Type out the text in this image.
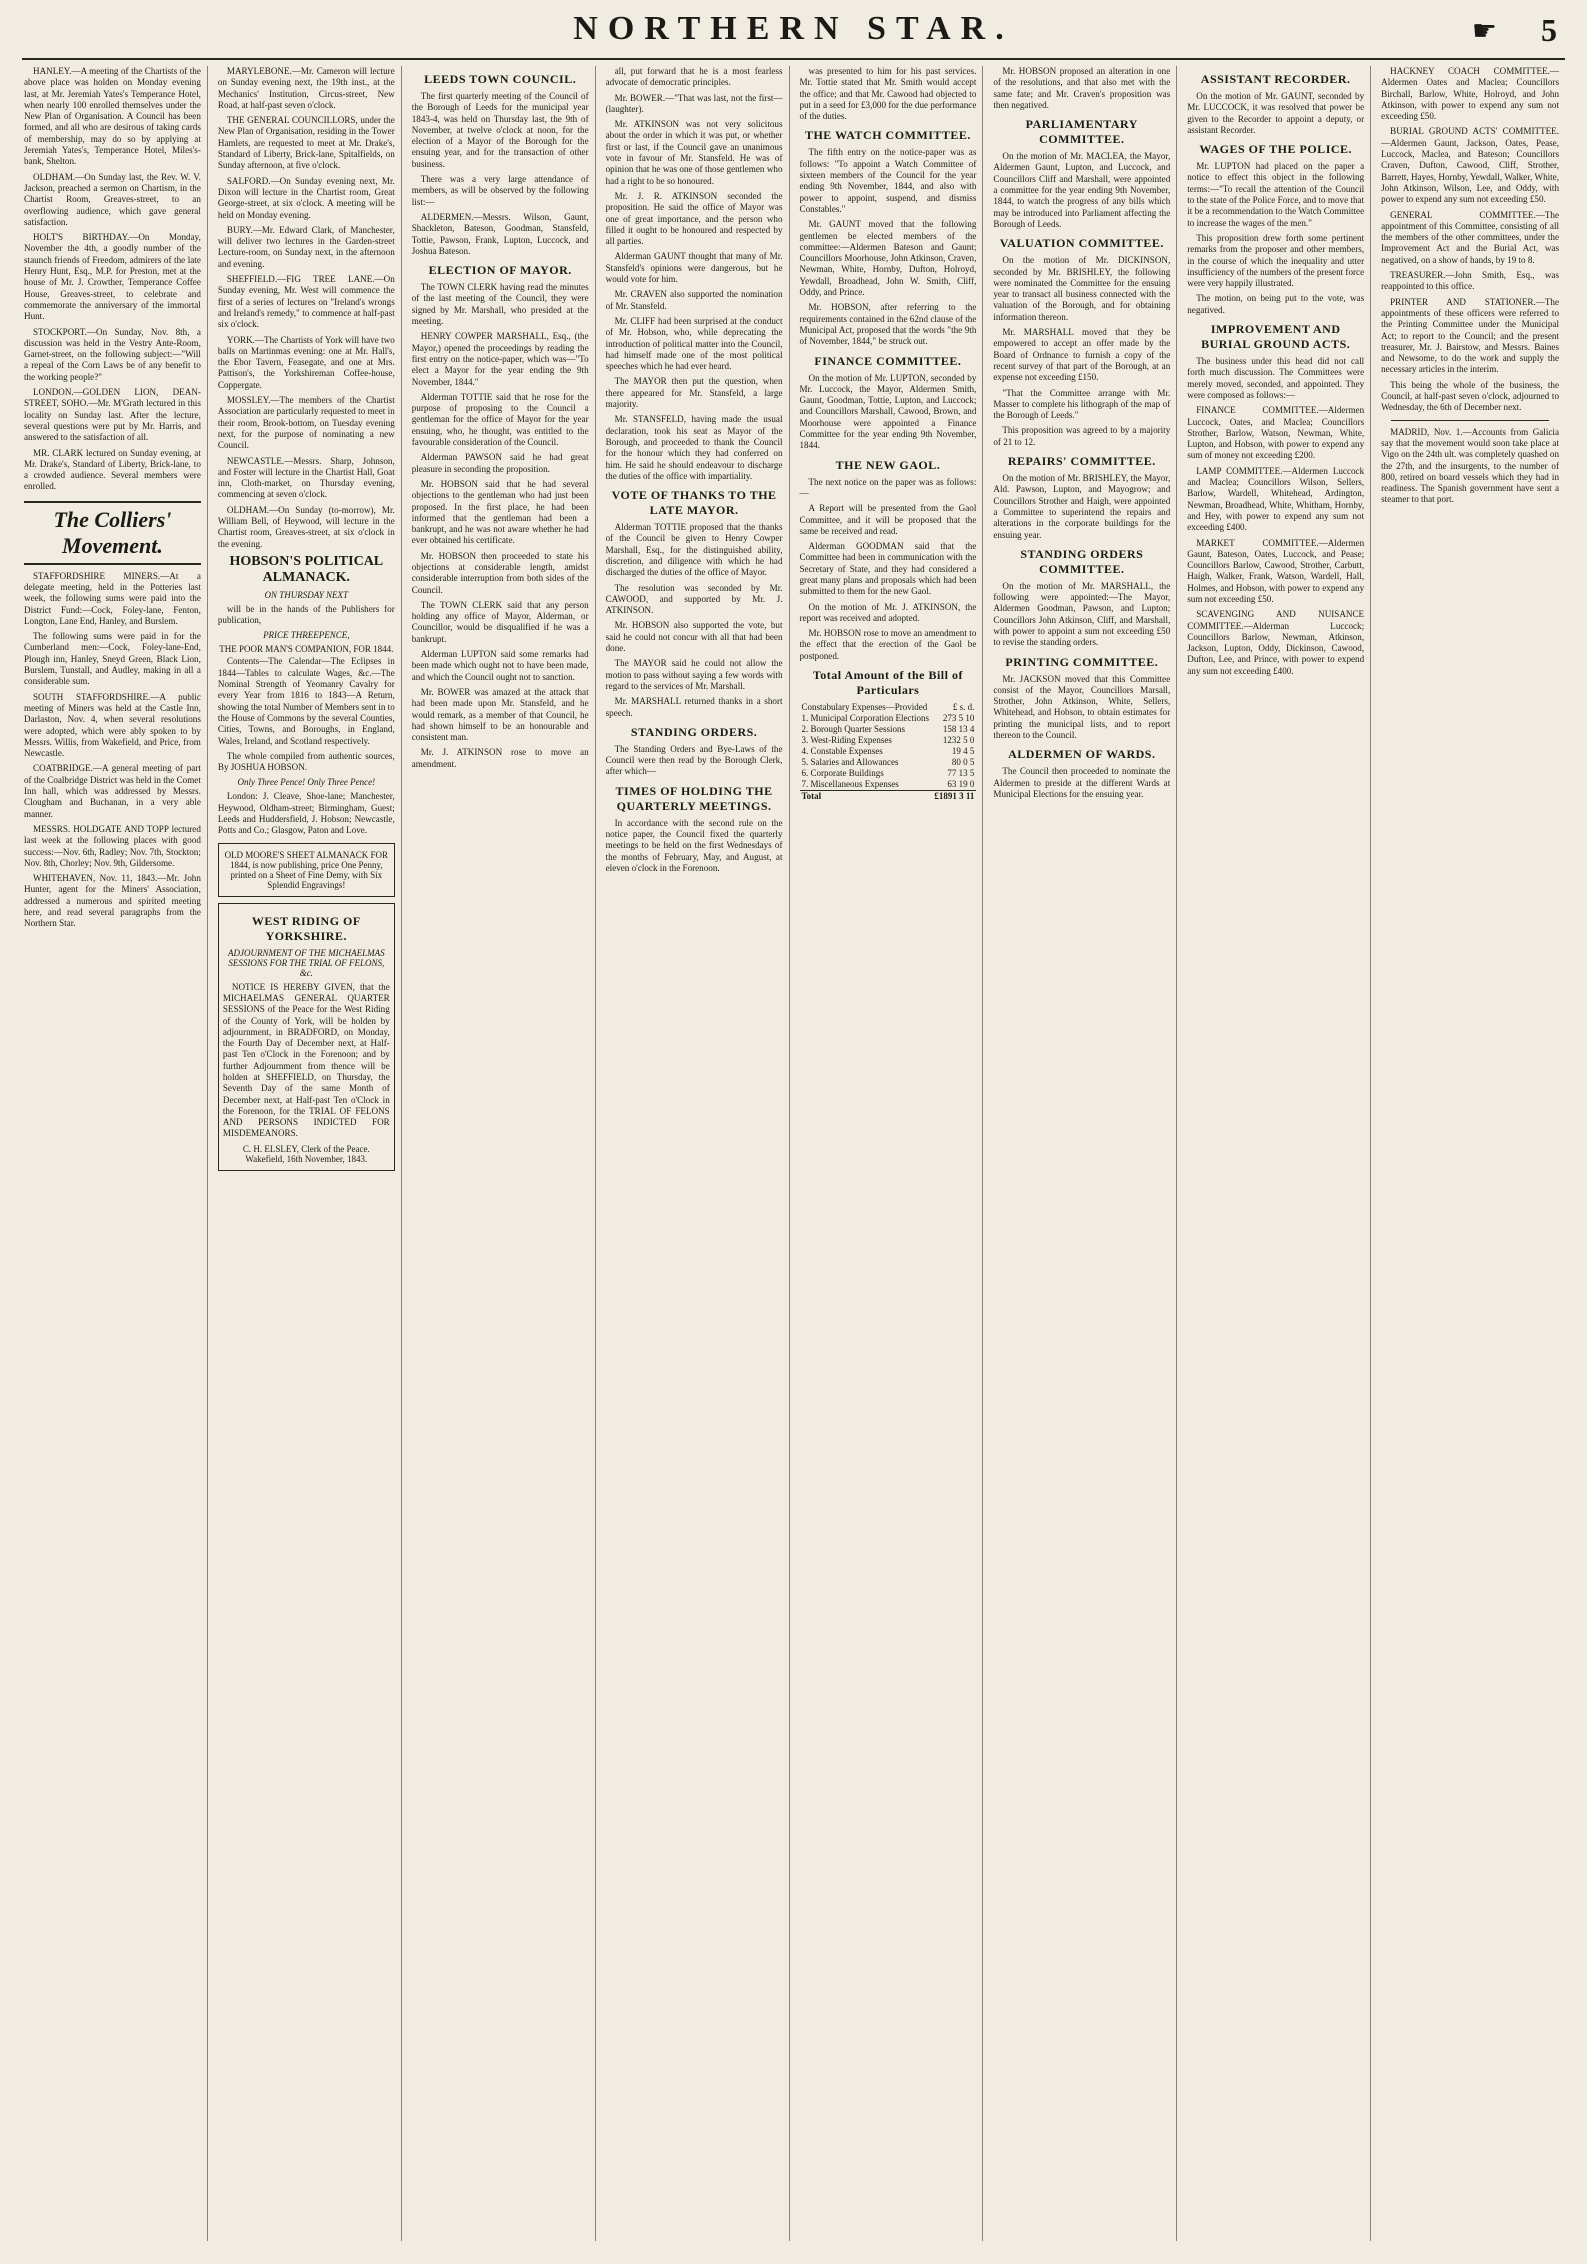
NORTHERN STAR.	☛ 5

HANLEY.—A meeting of the Chartists of the above place was holden on Monday evening last, at Mr. Jeremiah Yates's Temperance Hotel, when nearly 100 enrolled themselves under the New Plan of Organisation. A Council has been formed, and all who are desirous of taking cards of membership, may do so by applying at Jeremiah Yates's, Temperance Hotel, Miles's-bank, Shelton.

OLDHAM.—On Sunday last, the Rev. W. V. Jackson, preached a sermon on Chartism, in the Chartist Room, Greaves-street, to an overflowing audience, which gave general satisfaction.

HOLT'S BIRTHDAY.—On Monday, November the 4th, a goodly number of the staunch friends of Freedom, admirers of the late Henry Hunt, Esq., M.P. for Preston, met at the house of Mr. J. Crowther, Temperance Coffee House, Greaves-street, to celebrate and commemorate the anniversary of the immortal Hunt.

STOCKPORT.—On Sunday, Nov. 8th, a discussion was held in the Vestry Ante-Room, Garnet-street, on the following subject:—"Will a repeal of the Corn Laws be of any benefit to the working people?"

LONDON.—GOLDEN LION, DEAN-STREET, SOHO.—Mr. M'Grath lectured in this locality on Sunday last. After the lecture, several questions were put by Mr. Harris, and answered to the satisfaction of all.

MR. CLARK lectured on Sunday evening, at Mr. Drake's, Standard of Liberty, Brick-lane, to a crowded audience. Several members were enrolled.

The Colliers' Movement.

STAFFORDSHIRE MINERS.—At a delegate meeting, held in the Potteries last week, the following sums were paid into the District Fund:—Cock, Foley-lane, Fenton, Longton, Lane End, Hanley, and Burslem.

The following sums were paid in for the Cumberland men:—Cock, Foley-lane-End, Plough inn, Hanley, Sneyd Green, Black Lion, Burslem, Tunstall, and Audley, making in all a considerable sum.

SOUTH STAFFORDSHIRE.—A public meeting of Miners was held at the Castle Inn, Darlaston, Nov. 4, when several resolutions were adopted, which were ably spoken to by Messrs. Willis, from Wakefield, and Price, from Newcastle.

COATBRIDGE.—A general meeting of part of the Coalbridge District was held in the Comet Inn hall, which was addressed by Messrs. Clougham and Buchanan, in a very able manner.

MESSRS. HOLDGATE AND TOPP lectured last week at the following places with good success:—Nov. 6th, Radley; Nov. 7th, Stockton; Nov. 8th, Chorley; Nov. 9th, Gildersome.

WHITEHAVEN, Nov. 11, 1843.—Mr. John Hunter, agent for the Miners' Association, addressed a numerous and spirited meeting here, and read several paragraphs from the Northern Star.

MARYLEBONE.—Mr. Cameron will lecture on Sunday evening next, the 19th inst., at the Mechanics' Institution, Circus-street, New Road, at half-past seven o'clock.

THE GENERAL COUNCILLORS, under the New Plan of Organisation, residing in the Tower Hamlets, are requested to meet at Mr. Drake's, Standard of Liberty, Brick-lane, Spitalfields, on Sunday afternoon, at five o'clock.

SALFORD.—On Sunday evening next, Mr. Dixon will lecture in the Chartist room, Great George-street, at six o'clock. A meeting will be held on Monday evening.

BURY.—Mr. Edward Clark, of Manchester, will deliver two lectures in the Garden-street Lecture-room, on Sunday next, in the afternoon and evening.

SHEFFIELD.—FIG TREE LANE.—On Sunday evening, Mr. West will commence the first of a series of lectures on "Ireland's wrongs and Ireland's remedy," to commence at half-past six o'clock.

YORK.—The Chartists of York will have two balls on Martinmas evening: one at Mr. Hall's, the Ebor Tavern, Feasegate, and one at Mrs. Pattison's, the Yorkshireman Coffee-house, Coppergate.

MOSSLEY.—The members of the Chartist Association are particularly requested to meet in their room, Brook-bottom, on Tuesday evening next, for the purpose of nominating a new Council.

NEWCASTLE.—Messrs. Sharp, Johnson, and Foster will lecture in the Chartist Hall, Goat inn, Cloth-market, on Thursday evening, commencing at seven o'clock.

OLDHAM.—On Sunday (to-morrow), Mr. William Bell, of Heywood, will lecture in the Chartist room, Greaves-street, at six o'clock in the evening.

HOBSON'S POLITICAL ALMANACK.
ON THURSDAY NEXT

will be in the hands of the Publishers for publication,

PRICE THREEPENCE,
THE POOR MAN'S COMPANION, FOR 1844.

Contents—The Calendar—The Eclipses in 1844—Tables to calculate Wages, &c.—The Nominal Strength of Yeomanry Cavalry for every Year from 1816 to 1843—A Return, showing the total Number of Members sent in to the House of Commons by the several Counties, Cities, Towns, and Boroughs, in England, Wales, Ireland, and Scotland respectively.

The whole compiled from authentic sources, By JOSHUA HOBSON.

Only Three Pence! Only Three Pence!

London: J. Cleave, Shoe-lane; Manchester, Heywood, Oldham-street; Birmingham, Guest; Leeds and Huddersfield, J. Hobson; Newcastle, Potts and Co.; Glasgow, Paton and Love.

OLD MOORE'S SHEET ALMANACK FOR 1844, is now publishing, price One Penny, printed on a Sheet of Fine Demy, with Six Splendid Engravings!
WEST RIDING OF YORKSHIRE.
ADJOURNMENT OF THE MICHAELMAS SESSIONS FOR THE TRIAL OF FELONS, &c.

NOTICE IS HEREBY GIVEN, that the MICHAELMAS GENERAL QUARTER SESSIONS of the Peace for the West Riding of the County of York, will be holden by adjournment, in BRADFORD, on Monday, the Fourth Day of December next, at Half-past Ten o'Clock in the Forenoon; and by further Adjournment from thence will be holden at SHEFFIELD, on Thursday, the Seventh Day of the same Month of December next, at Half-past Ten o'Clock in the Forenoon, for the TRIAL OF FELONS AND PERSONS INDICTED FOR MISDEMEANORS.

C. H. ELSLEY, Clerk of the Peace. Wakefield, 16th November, 1843.
LEEDS TOWN COUNCIL.

The first quarterly meeting of the Council of the Borough of Leeds for the municipal year 1843-4, was held on Thursday last, the 9th of November, at twelve o'clock at noon, for the election of a Mayor of the Borough for the ensuing year, and for the transaction of other business.

There was a very large attendance of members, as will be observed by the following list:—

ALDERMEN.—Messrs. Wilson, Gaunt, Shackleton, Bateson, Goodman, Stansfeld, Tottie, Pawson, Frank, Lupton, Luccock, and Joshua Bateson.

ELECTION OF MAYOR.

The TOWN CLERK having read the minutes of the last meeting of the Council, they were signed by Mr. Marshall, who presided at the meeting.

HENRY COWPER MARSHALL, Esq., (the Mayor,) opened the proceedings by reading the first entry on the notice-paper, which was—"To elect a Mayor for the year ending the 9th November, 1844."

Alderman TOTTIE said that he rose for the purpose of proposing to the Council a gentleman for the office of Mayor for the year ensuing, who, he thought, was entitled to the favourable consideration of the Council.

Alderman PAWSON said he had great pleasure in seconding the proposition.

Mr. HOBSON said that he had several objections to the gentleman who had just been proposed. In the first place, he had been informed that the gentleman had been a bankrupt, and he was not aware whether he had ever obtained his certificate.

Mr. HOBSON then proceeded to state his objections at considerable length, amidst considerable interruption from both sides of the Council.

The TOWN CLERK said that any person holding any office of Mayor, Alderman, or Councillor, would be disqualified if he was a bankrupt.

Alderman LUPTON said some remarks had been made which ought not to have been made, and which the Council ought not to sanction.

Mr. BOWER was amazed at the attack that had been made upon Mr. Stansfeld, and he would remark, as a member of that Council, he had shown himself to be an honourable and consistent man.

Mr. J. ATKINSON rose to move an amendment.

all, put forward that he is a most fearless advocate of democratic principles.

Mr. BOWER.—"That was last, not the first—(laughter).

Mr. ATKINSON was not very solicitous about the order in which it was put, or whether first or last, if the Council gave an unanimous vote in favour of Mr. Stansfeld. He was of opinion that he was one of those gentlemen who had a right to be so honoured.

Mr. J. R. ATKINSON seconded the proposition. He said the office of Mayor was one of great importance, and the person who filled it ought to be honoured and respected by all parties.

Alderman GAUNT thought that many of Mr. Stansfeld's opinions were dangerous, but he would vote for him.

Mr. CRAVEN also supported the nomination of Mr. Stansfeld.

Mr. CLIFF had been surprised at the conduct of Mr. Hobson, who, while deprecating the introduction of political matter into the Council, had himself made one of the most political speeches which he had ever heard.

The MAYOR then put the question, when there appeared for Mr. Stansfeld, a large majority.

Mr. STANSFELD, having made the usual declaration, took his seat as Mayor of the Borough, and proceeded to thank the Council for the honour which they had conferred on him. He said he should endeavour to discharge the duties of the office with impartiality.

VOTE OF THANKS TO THE LATE MAYOR.

Alderman TOTTIE proposed that the thanks of the Council be given to Henry Cowper Marshall, Esq., for the distinguished ability, discretion, and diligence with which he had discharged the duties of the office of Mayor.

The resolution was seconded by Mr. CAWOOD, and supported by Mr. J. ATKINSON.

Mr. HOBSON also supported the vote, but said he could not concur with all that had been done.

The MAYOR said he could not allow the motion to pass without saying a few words with regard to the services of Mr. Marshall.

Mr. MARSHALL returned thanks in a short speech.

STANDING ORDERS.

The Standing Orders and Bye-Laws of the Council were then read by the Borough Clerk, after which—

TIMES OF HOLDING THE QUARTERLY MEETINGS.

In accordance with the second rule on the notice paper, the Council fixed the quarterly meetings to be held on the first Wednesdays of the months of February, May, and August, at eleven o'clock in the Forenoon.

was presented to him for his past services. Mr. Tottie stated that Mr. Smith would accept the office; and that Mr. Cawood had objected to put in a seed for £3,000 for the due performance of the duties.

THE WATCH COMMITTEE.

The fifth entry on the notice-paper was as follows: "To appoint a Watch Committee of sixteen members of the Council for the year ending 9th November, 1844, and also with power to appoint, suspend, and dismiss Constables."

Mr. GAUNT moved that the following gentlemen be elected members of the committee:—Aldermen Bateson and Gaunt; Councillors Moorhouse, John Atkinson, Craven, Newman, White, Hornby, Dufton, Holroyd, Yewdall, Broadhead, John W. Smith, Cliff, Oddy, and Prince.

Mr. HOBSON, after referring to the requirements contained in the 62nd clause of the Municipal Act, proposed that the words "the 9th of November, 1844," be struck out.

FINANCE COMMITTEE.

On the motion of Mr. LUPTON, seconded by Mr. Luccock, the Mayor, Aldermen Smith, Gaunt, Goodman, Tottie, Lupton, and Luccock; and Councillors Marshall, Cawood, Brown, and Moorhouse were appointed a Finance Committee for the year ending 9th November, 1844.

THE NEW GAOL.

The next notice on the paper was as follows:—

A Report will be presented from the Gaol Committee, and it will be proposed that the same be received and read.

Alderman GOODMAN said that the Committee had been in communication with the Secretary of State, and they had considered a great many plans and proposals which had been submitted to them for the new Gaol.

On the motion of Mr. J. ATKINSON, the report was received and adopted.

Mr. HOBSON rose to move an amendment to the effect that the erection of the Gaol be postponed.

Total Amount of the Bill of Particulars
Constabulary Expenses—Provided	£ s. d.
1. Municipal Corporation Elections	273 5 10
2. Borough Quarter Sessions	158 13 4
3. West-Riding Expenses	1232 5 0
4. Constable Expenses	19 4 5
5. Salaries and Allowances	80 0 5
6. Corporate Buildings	77 13 5
7. Miscellaneous Expenses	63 19 0
Total	£1891 3 11

Mr. HOBSON proposed an alteration in one of the resolutions, and that also met with the same fate; and Mr. Craven's proposition was then negatived.

PARLIAMENTARY COMMITTEE.

On the motion of Mr. MACLEA, the Mayor, Aldermen Gaunt, Lupton, and Luccock, and Councillors Cliff and Marshall, were appointed a committee for the year ending 9th November, 1844, to watch the progress of any bills which may be introduced into Parliament affecting the Borough of Leeds.

VALUATION COMMITTEE.

On the motion of Mr. DICKINSON, seconded by Mr. BRISHLEY, the following were nominated the Committee for the ensuing year to transact all business connected with the valuation of the Borough, and for obtaining information thereon.

Mr. MARSHALL moved that they be empowered to accept an offer made by the Board of Ordnance to furnish a copy of the recent survey of that part of the Borough, at an expense not exceeding £150.

"That the Committee arrange with Mr. Masser to complete his lithograph of the map of the Borough of Leeds."

This proposition was agreed to by a majority of 21 to 12.

REPAIRS' COMMITTEE.

On the motion of Mr. BRISHLEY, the Mayor, Ald. Pawson, Lupton, and Mayogrow; and Councillors Strother and Haigh, were appointed a Committee to superintend the repairs and alterations in the corporate buildings for the ensuing year.

STANDING ORDERS COMMITTEE.

On the motion of Mr. MARSHALL, the following were appointed:—The Mayor, Aldermen Goodman, Pawson, and Lupton; Councillors John Atkinson, Cliff, and Marshall, with power to appoint a sum not exceeding £50 to revise the standing orders.

PRINTING COMMITTEE.

Mr. JACKSON moved that this Committee consist of the Mayor, Councillors Marsall, Strother, John Atkinson, White, Sellers, Whitehead, and Hobson, to obtain estimates for printing the municipal lists, and to report thereon to the Council.

ALDERMEN OF WARDS.

The Council then proceeded to nominate the Aldermen to preside at the different Wards at Municipal Elections for the ensuing year.

ASSISTANT RECORDER.

On the motion of Mr. GAUNT, seconded by Mr. LUCCOCK, it was resolved that power be given to the Recorder to appoint a deputy, or assistant Recorder.

WAGES OF THE POLICE.

Mr. LUPTON had placed on the paper a notice to effect this object in the following terms:—"To recall the attention of the Council to the state of the Police Force, and to move that it be a recommendation to the Watch Committee to increase the wages of the men."

This proposition drew forth some pertinent remarks from the proposer and other members, in the course of which the inequality and utter insufficiency of the numbers of the present force were very happily illustrated.

The motion, on being put to the vote, was negatived.

IMPROVEMENT AND BURIAL GROUND ACTS.

The business under this head did not call forth much discussion. The Committees were merely moved, seconded, and appointed. They were composed as follows:—

FINANCE COMMITTEE.—Aldermen Luccock, Oates, and Maclea; Councillors Strother, Barlow, Watson, Newman, White, Lupton, and Hobson, with power to expend any sum of money not exceeding £200.

LAMP COMMITTEE.—Aldermen Luccock and Maclea; Councillors Wilson, Sellers, Barlow, Wardell, Whitehead, Ardington, Newman, Broadhead, White, Whitham, Hornby, and Hey, with power to expend any sum not exceeding £400.

MARKET COMMITTEE.—Aldermen Gaunt, Bateson, Oates, Luccock, and Pease; Councillors Barlow, Cawood, Strother, Carbutt, Haigh, Walker, Frank, Watson, Wardell, Hall, Holmes, and Hobson, with power to expend any sum not exceeding £50.

SCAVENGING AND NUISANCE COMMITTEE.—Alderman Luccock; Councillors Barlow, Newman, Atkinson, Jackson, Lupton, Oddy, Dickinson, Cawood, Dufton, Lee, and Prince, with power to expend any sum not exceeding £400.

HACKNEY COACH COMMITTEE.—Aldermen Oates and Maclea; Councillors Birchall, Barlow, White, Holroyd, and John Atkinson, with power to expend any sum not exceeding £50.

BURIAL GROUND ACTS' COMMITTEE.—Aldermen Gaunt, Jackson, Oates, Pease, Luccock, Maclea, and Bateson; Councillors Craven, Dufton, Cawood, Cliff, Strother, Barrett, Hayes, Hornby, Yewdall, Walker, White, John Atkinson, Wilson, Lee, and Oddy, with power to expend any sum not exceeding £50.

GENERAL COMMITTEE.—The appointment of this Committee, consisting of all the members of the other committees, under the Improvement Act and the Burial Act, was negatived, on a show of hands, by 19 to 8.

TREASURER.—John Smith, Esq., was reappointed to this office.

PRINTER AND STATIONER.—The appointments of these officers were referred to the Printing Committee under the Municipal Act; to report to the Council; and the present treasurer, Mr. J. Bairstow, and Messrs. Baines and Newsome, to do the work and supply the necessary articles in the interim.

This being the whole of the business, the Council, at half-past seven o'clock, adjourned to Wednesday, the 6th of December next.

MADRID, Nov. 1.—Accounts from Galicia say that the movement would soon take place at Vigo on the 24th ult. was completely quashed on the 27th, and the insurgents, to the number of 800, retired on board vessels which they had in readiness. The Spanish government have sent a steamer to that port.
